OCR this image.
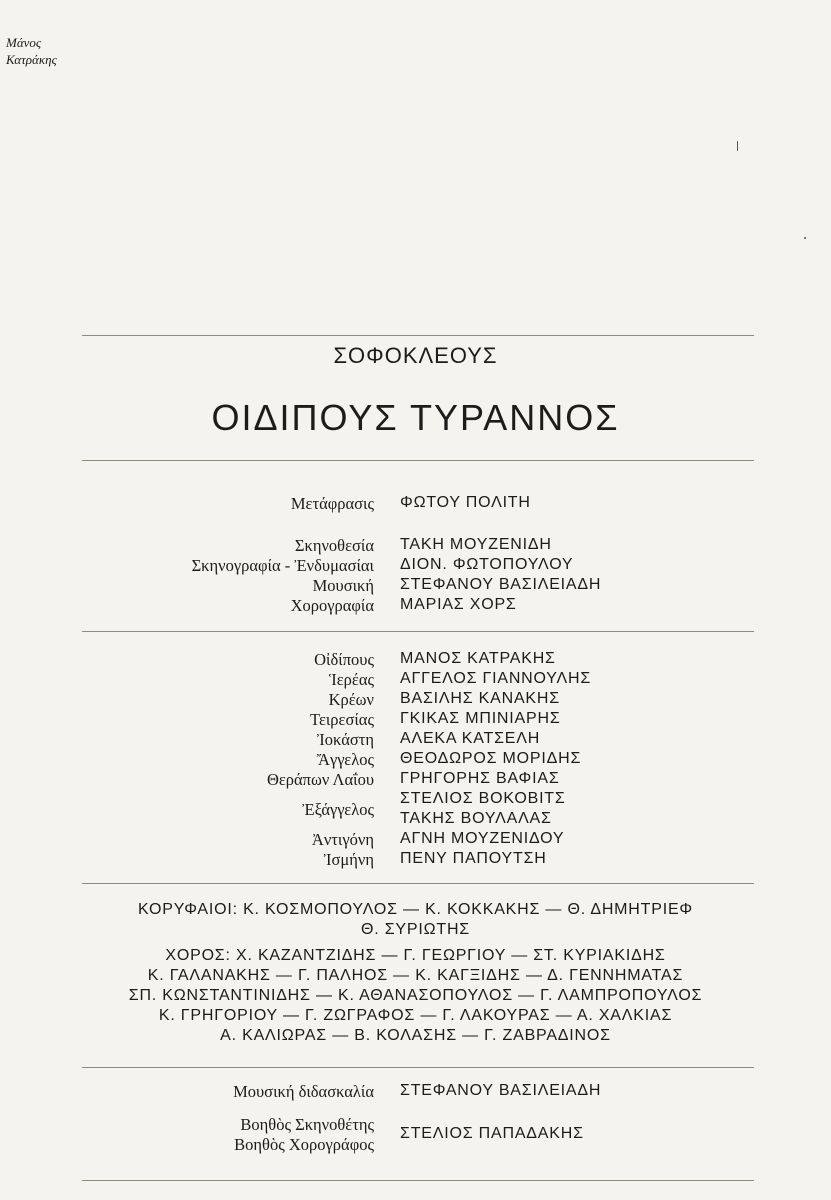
Μάνος
Κατράκης
ΣΟΦΟΚΛΕΟΥΣ
ΟΙΔΙΠΟΥΣ ΤΥΡΑΝΝΟΣ
Μετάφρασις ΦΩΤΟΥ ΠΟΛΙΤΗ
Σκηνοθεσία ΤΑΚΗ ΜΟΥΖΕΝΙΔΗ
Σκηνογραφία - Ἐνδυμασίαι ΔΙΟΝ. ΦΩΤΟΠΟΥΛΟΥ
Μουσική ΣΤΕΦΑΝΟΥ ΒΑΣΙΛΕΙΑΔΗ
Χορογραφία ΜΑΡΙΑΣ ΧΟΡΣ
Οἰδίπους ΜΑΝΟΣ ΚΑΤΡΑΚΗΣ
Ἱερέας ΑΓΓΕΛΟΣ ΓΙΑΝΝΟΥΛΗΣ
Κρέων ΒΑΣΙΛΗΣ ΚΑΝΑΚΗΣ
Τειρεσίας ΓΚΙΚΑΣ ΜΠΙΝΙΑΡΗΣ
Ἰοκάστη ΑΛΕΚΑ ΚΑΤΣΕΛΗ
Ἄγγελος ΘΕΟΔΩΡΟΣ ΜΟΡΙΔΗΣ
Θεράπων Λαΐου ΓΡΗΓΟΡΗΣ ΒΑΦΙΑΣ
ΣΤΕΛΙΟΣ ΒΟΚΟΒΙΤΣ
Ἐξάγγελος ΤΑΚΗΣ ΒΟΥΛΑΛΑΣ
Ἀντιγόνη ΑΓΝΗ ΜΟΥΖΕΝΙΔΟΥ
Ἰσμήνη ΠΕΝΥ ΠΑΠΟΥΤΣΗ
ΚΟΡΥΦΑΙΟΙ: Κ. ΚΟΣΜΟΠΟΥΛΟΣ — Κ. ΚΟΚΚΑΚΗΣ — Θ. ΔΗΜΗΤΡΙΕΦ
Θ. ΣΥΡΙΩΤΗΣ
ΧΟΡΟΣ: Χ. ΚΑΖΑΝΤΖΙΔΗΣ — Γ. ΓΕΩΡΓΙΟΥ — ΣΤ. ΚΥΡΙΑΚΙΔΗΣ
Κ. ΓΑΛΑΝΑΚΗΣ — Γ. ΠΑΛΗΟΣ — Κ. ΚΑΓΞΙΔΗΣ — Δ. ΓΕΝΝΗΜΑΤΑΣ
ΣΠ. ΚΩΝΣΤΑΝΤΙΝΙΔΗΣ — Κ. ΑΘΑΝΑΣΟΠΟΥΛΟΣ — Γ. ΛΑΜΠΡΟΠΟΥΛΟΣ
Κ. ΓΡΗΓΟΡΙΟΥ — Γ. ΖΩΓΡΑΦΟΣ — Γ. ΛΑΚΟΥΡΑΣ — Α. ΧΑΛΚΙΑΣ
Α. ΚΑΛΙΩΡΑΣ — Β. ΚΟΛΑΣΗΣ — Γ. ΖΑΒΡΑΔΙΝΟΣ
Μουσική διδασκαλία ΣΤΕΦΑΝΟΥ ΒΑΣΙΛΕΙΑΔΗ
Βοηθὸς Σκηνοθέτης ΣΤΕΛΙΟΣ ΠΑΠΑΔΑΚΗΣ
Βοηθὸς Χορογράφος
